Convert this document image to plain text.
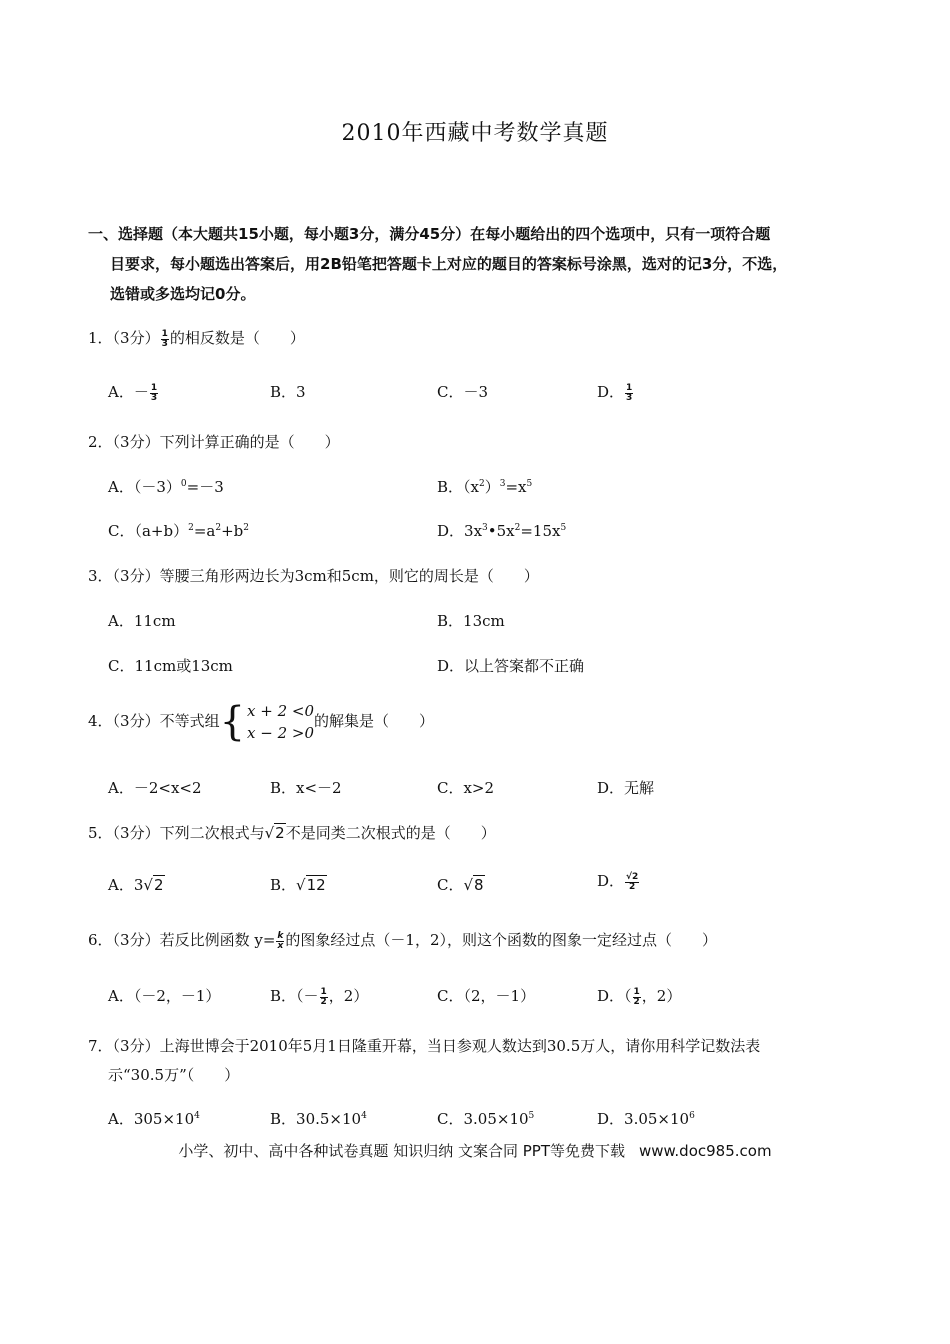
2010年西藏中考数学真题
一、选择题（本大题共15小题，每小题3分，满分45分）在每小题给出的四个选项中，只有一项符合题
目要求，每小题选出答案后，用2B铅笔把答题卡上对应的题目的答案标号涂黑，选对的记3分，不选，
选错或多选均记0分。
1．（3分） $\frac{1}{3}$ 的相反数是（　　）
A．－ $\frac{1}{3}$	B．3	C．－3	D． $\frac{1}{3}$
2．（3分）下列计算正确的是（　　）
A．$(-3)^0=-3$	B．$(x^2)^3=x^5$
C．$(a+b)^2=a^2+b^2$	D．$3x^3•5x^2=15x^5$
3．（3分）等腰三角形两边长为3cm和5cm，则它的周长是（　　）
A．11cm	B．13cm
C．11cm或13cm	D．以上答案都不正确
4．（3分）不等式组 { x + 2 <0
x − 2 >0
的解集是（　　）
A．－2<x<2	B．x<－2	C．x>2	D．无解
5．（3分）下列二次根式与√2不是同类二次根式的是（　　）
A．3√2	B．√12	C．√8	D． $\frac{√2}{2}$
6．（3分）若反比例函数 $y= \frac{k}{x}$ 的图象经过点（－1，2），则这个函数的图象一定经过点（　　）
A．（－2，－1）	B．（－ $\frac{1}{2}$ ，2）	C．（2，－1）	D．（ $\frac{1}{2}$ ，2）
7．（3分）上海世博会于2010年5月1日隆重开幕，当日参观人数达到30.5万人，请你用科学记数法表
示“30.5万”（　　）
A．$305\times 10^4$	B．$30.5\times 10^4$	C．$3.05\times 10^5$	D．$3.05\times 10^6$
小学、初中、高中各种试卷真题 知识归纳 文案合同 PPT等免费下载 www.doc985.com
